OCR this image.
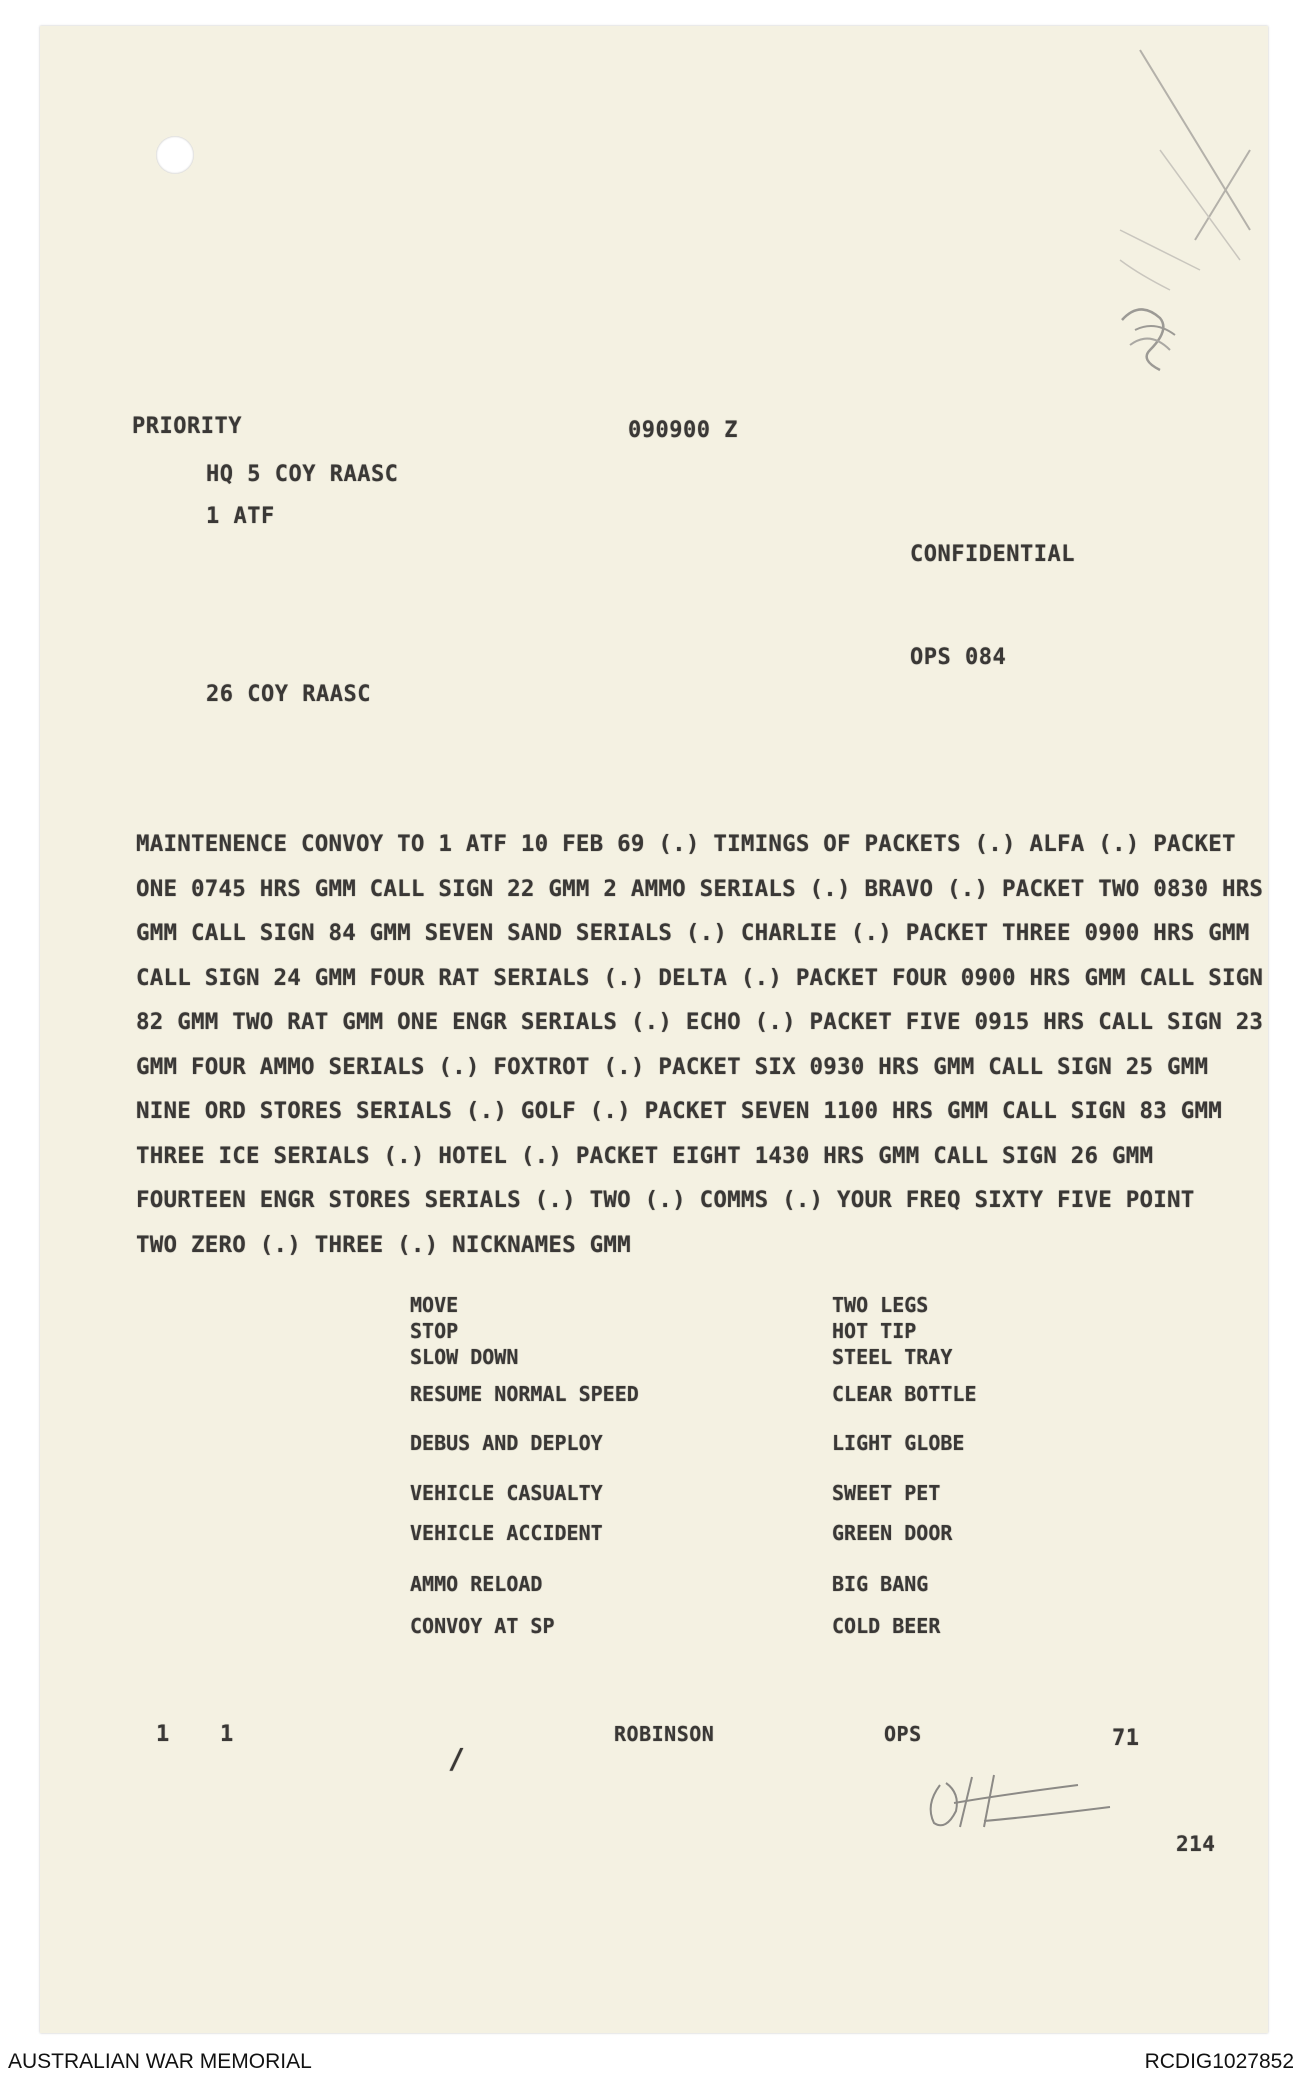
PRIORITY	090900 Z
HQ 5 COY RAASC
1 ATF
CONFIDENTIAL
OPS 084
26 COY RAASC
MAINTENENCE CONVOY TO 1 ATF 10 FEB 69 (.) TIMINGS OF PACKETS (.) ALFA (.) PACKET
ONE 0745 HRS GMM CALL SIGN 22 GMM 2 AMMO SERIALS (.) BRAVO (.) PACKET TWO 0830 HRS
GMM CALL SIGN 84 GMM SEVEN SAND SERIALS (.) CHARLIE (.) PACKET THREE 0900 HRS GMM
CALL SIGN 24 GMM FOUR RAT SERIALS (.) DELTA (.) PACKET FOUR 0900 HRS GMM CALL SIGN
82 GMM TWO RAT GMM ONE ENGR SERIALS (.) ECHO (.) PACKET FIVE 0915 HRS CALL SIGN 23
GMM FOUR AMMO SERIALS (.) FOXTROT (.) PACKET SIX 0930 HRS GMM CALL SIGN 25 GMM
NINE ORD STORES SERIALS (.) GOLF (.) PACKET SEVEN 1100 HRS GMM CALL SIGN 83 GMM
THREE ICE SERIALS (.) HOTEL (.) PACKET EIGHT 1430 HRS GMM CALL SIGN 26 GMM
FOURTEEN ENGR STORES SERIALS (.) TWO (.) COMMS (.) YOUR FREQ SIXTY FIVE POINT
TWO ZERO (.) THREE (.) NICKNAMES GMM
MOVE	TWO LEGS
STOP	HOT TIP
SLOW DOWN	STEEL TRAY
RESUME NORMAL SPEED	CLEAR BOTTLE
DEBUS AND DEPLOY	LIGHT GLOBE
VEHICLE CASUALTY	SWEET PET
VEHICLE ACCIDENT	GREEN DOOR
AMMO RELOAD	BIG BANG
CONVOY AT SP	COLD BEER
1 1
/
ROBINSON	OPS	71
214
AUSTRALIAN WAR MEMORIAL	RCDIG1027852
